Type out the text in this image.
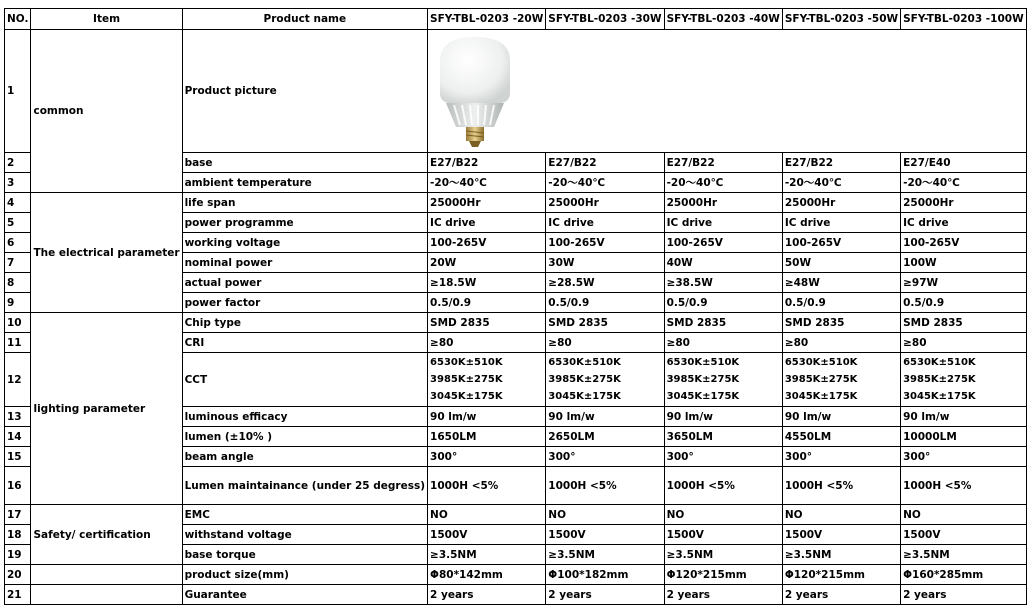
NO.	Item	Product name	SFY-TBL-0203 -20W	SFY-TBL-0203 -30W	SFY-TBL-0203 -40W	SFY-TBL-0203 -50W	SFY-TBL-0203 -100W
1	common	Product picture	
2		base	E27/B22	E27/B22	E27/B22	E27/B22	E27/E40
3		ambient temperature	-20～40℃	-20～40℃	-20～40℃	-20～40℃	-20～40℃
4	The electrical parameter	life span	25000Hr	25000Hr	25000Hr	25000Hr	25000Hr
5		power programme	IC drive	IC drive	IC drive	IC drive	IC drive
6		working voltage	100-265V	100-265V	100-265V	100-265V	100-265V
7		nominal power	20W	30W	40W	50W	100W
8		actual power	≥18.5W	≥28.5W	≥38.5W	≥48W	≥97W
9		power factor	0.5/0.9	0.5/0.9	0.5/0.9	0.5/0.9	0.5/0.9
10	lighting parameter	Chip type	SMD 2835	SMD 2835	SMD 2835	SMD 2835	SMD 2835
11		CRI	≥80	≥80	≥80	≥80	≥80
12		CCT	6530K±510K
3985K±275K
3045K±175K	6530K±510K
3985K±275K
3045K±175K	6530K±510K
3985K±275K
3045K±175K	6530K±510K
3985K±275K
3045K±175K	6530K±510K
3985K±275K
3045K±175K

13		luminous efficacy	90 lm/w	90 lm/w	90 lm/w	90 lm/w	90 lm/w
14		lumen (±10% )	1650LM	2650LM	3650LM	4550LM	10000LM
15		beam angle	300°	300°	300°	300°	300°
16		Lumen maintainance (under 25 degress)	1000H <5%	1000H <5%	1000H <5%	1000H <5%	1000H <5%
17	Safety/ certification	EMC	NO	NO	NO	NO	NO
18		withstand voltage	1500V	1500V	1500V	1500V	1500V
19		base torque	≥3.5NM	≥3.5NM	≥3.5NM	≥3.5NM	≥3.5NM
20		product size(mm)	Φ80*142mm	Φ100*182mm	Φ120*215mm	Φ120*215mm	Φ160*285mm
21		Guarantee	2 years	2 years	2 years	2 years	2 years
